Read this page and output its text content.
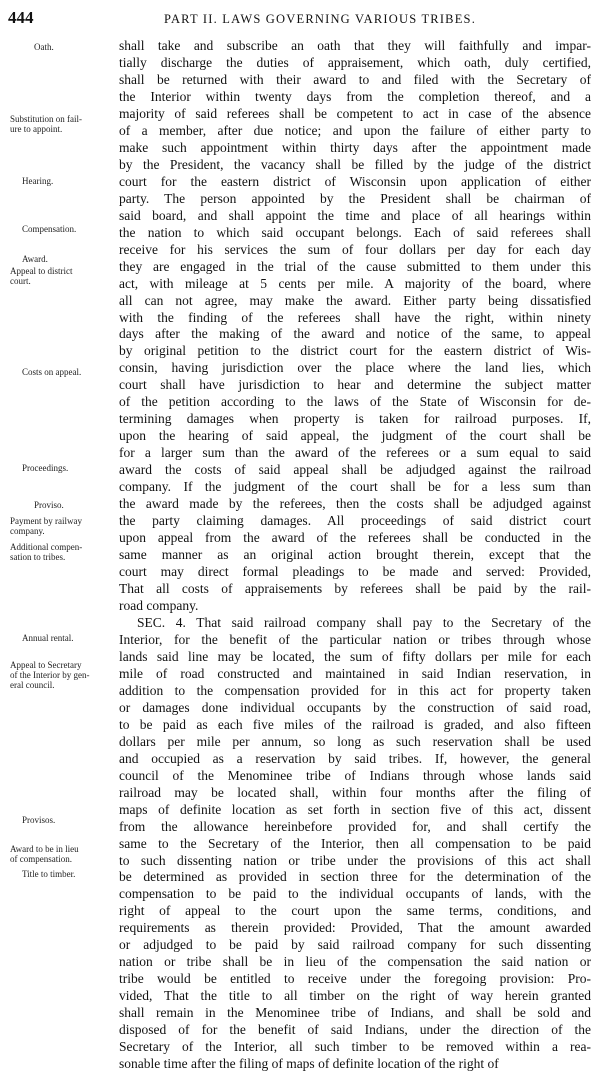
444	PART II. LAWS GOVERNING VARIOUS TRIBES.
Oath.
Substitution on fail-
ure to appoint.
Hearing.
Compensation.
Award.
Appeal to district
court.
Costs on appeal.
Proceedings.
Proviso.
Payment by railway
company.
Additional compen-
sation to tribes.
Annual rental.
Appeal to Secretary
of the Interior by gen-
eral council.
Provisos.
Award to be in lieu
of compensation.
Title to timber.
shall take and subscribe an oath that they will faithfully and impar-
tially discharge the duties of appraisement, which oath, duly certified,
shall be returned with their award to and filed with the Secretary of
the Interior within twenty days from the completion thereof, and a
majority of said referees shall be competent to act in case of the absence
of a member, after due notice; and upon the failure of either party to
make such appointment within thirty days after the appointment made
by the President, the vacancy shall be filled by the judge of the district
court for the eastern district of Wisconsin upon application of either
party. The person appointed by the President shall be chairman of
said board, and shall appoint the time and place of all hearings within
the nation to which said occupant belongs. Each of said referees shall
receive for his services the sum of four dollars per day for each day
they are engaged in the trial of the cause submitted to them under this
act, with mileage at 5 cents per mile. A majority of the board, where
all can not agree, may make the award. Either party being dissatisfied
with the finding of the referees shall have the right, within ninety
days after the making of the award and notice of the same, to appeal
by original petition to the district court for the eastern district of Wis-
consin, having jurisdiction over the place where the land lies, which
court shall have jurisdiction to hear and determine the subject matter
of the petition according to the laws of the State of Wisconsin for de-
termining damages when property is taken for railroad purposes. If,
upon the hearing of said appeal, the judgment of the court shall be
for a larger sum than the award of the referees or a sum equal to said
award the costs of said appeal shall be adjudged against the railroad
company. If the judgment of the court shall be for a less sum than
the award made by the referees, then the costs shall be adjudged against
the party claiming damages. All proceedings of said district court
upon appeal from the award of the referees shall be conducted in the
same manner as an original action brought therein, except that the
court may direct formal pleadings to be made and served: Provided,
That all costs of appraisements by referees shall be paid by the rail-
road company.
SEC. 4. That said railroad company shall pay to the Secretary of the
Interior, for the benefit of the particular nation or tribes through whose
lands said line may be located, the sum of fifty dollars per mile for each
mile of road constructed and maintained in said Indian reservation, in
addition to the compensation provided for in this act for property taken
or damages done individual occupants by the construction of said road,
to be paid as each five miles of the railroad is graded, and also fifteen
dollars per mile per annum, so long as such reservation shall be used
and occupied as a reservation by said tribes. If, however, the general
council of the Menominee tribe of Indians through whose lands said
railroad may be located shall, within four months after the filing of
maps of definite location as set forth in section five of this act, dissent
from the allowance hereinbefore provided for, and shall certify the
same to the Secretary of the Interior, then all compensation to be paid
to such dissenting nation or tribe under the provisions of this act shall
be determined as provided in section three for the determination of the
compensation to be paid to the individual occupants of lands, with the
right of appeal to the court upon the same terms, conditions, and
requirements as therein provided: Provided, That the amount awarded
or adjudged to be paid by said railroad company for such dissenting
nation or tribe shall be in lieu of the compensation the said nation or
tribe would be entitled to receive under the foregoing provision: Pro-
vided, That the title to all timber on the right of way herein granted
shall remain in the Menominee tribe of Indians, and shall be sold and
disposed of for the benefit of said Indians, under the direction of the
Secretary of the Interior, all such timber to be removed within a rea-
sonable time after the filing of maps of definite location of the right of
